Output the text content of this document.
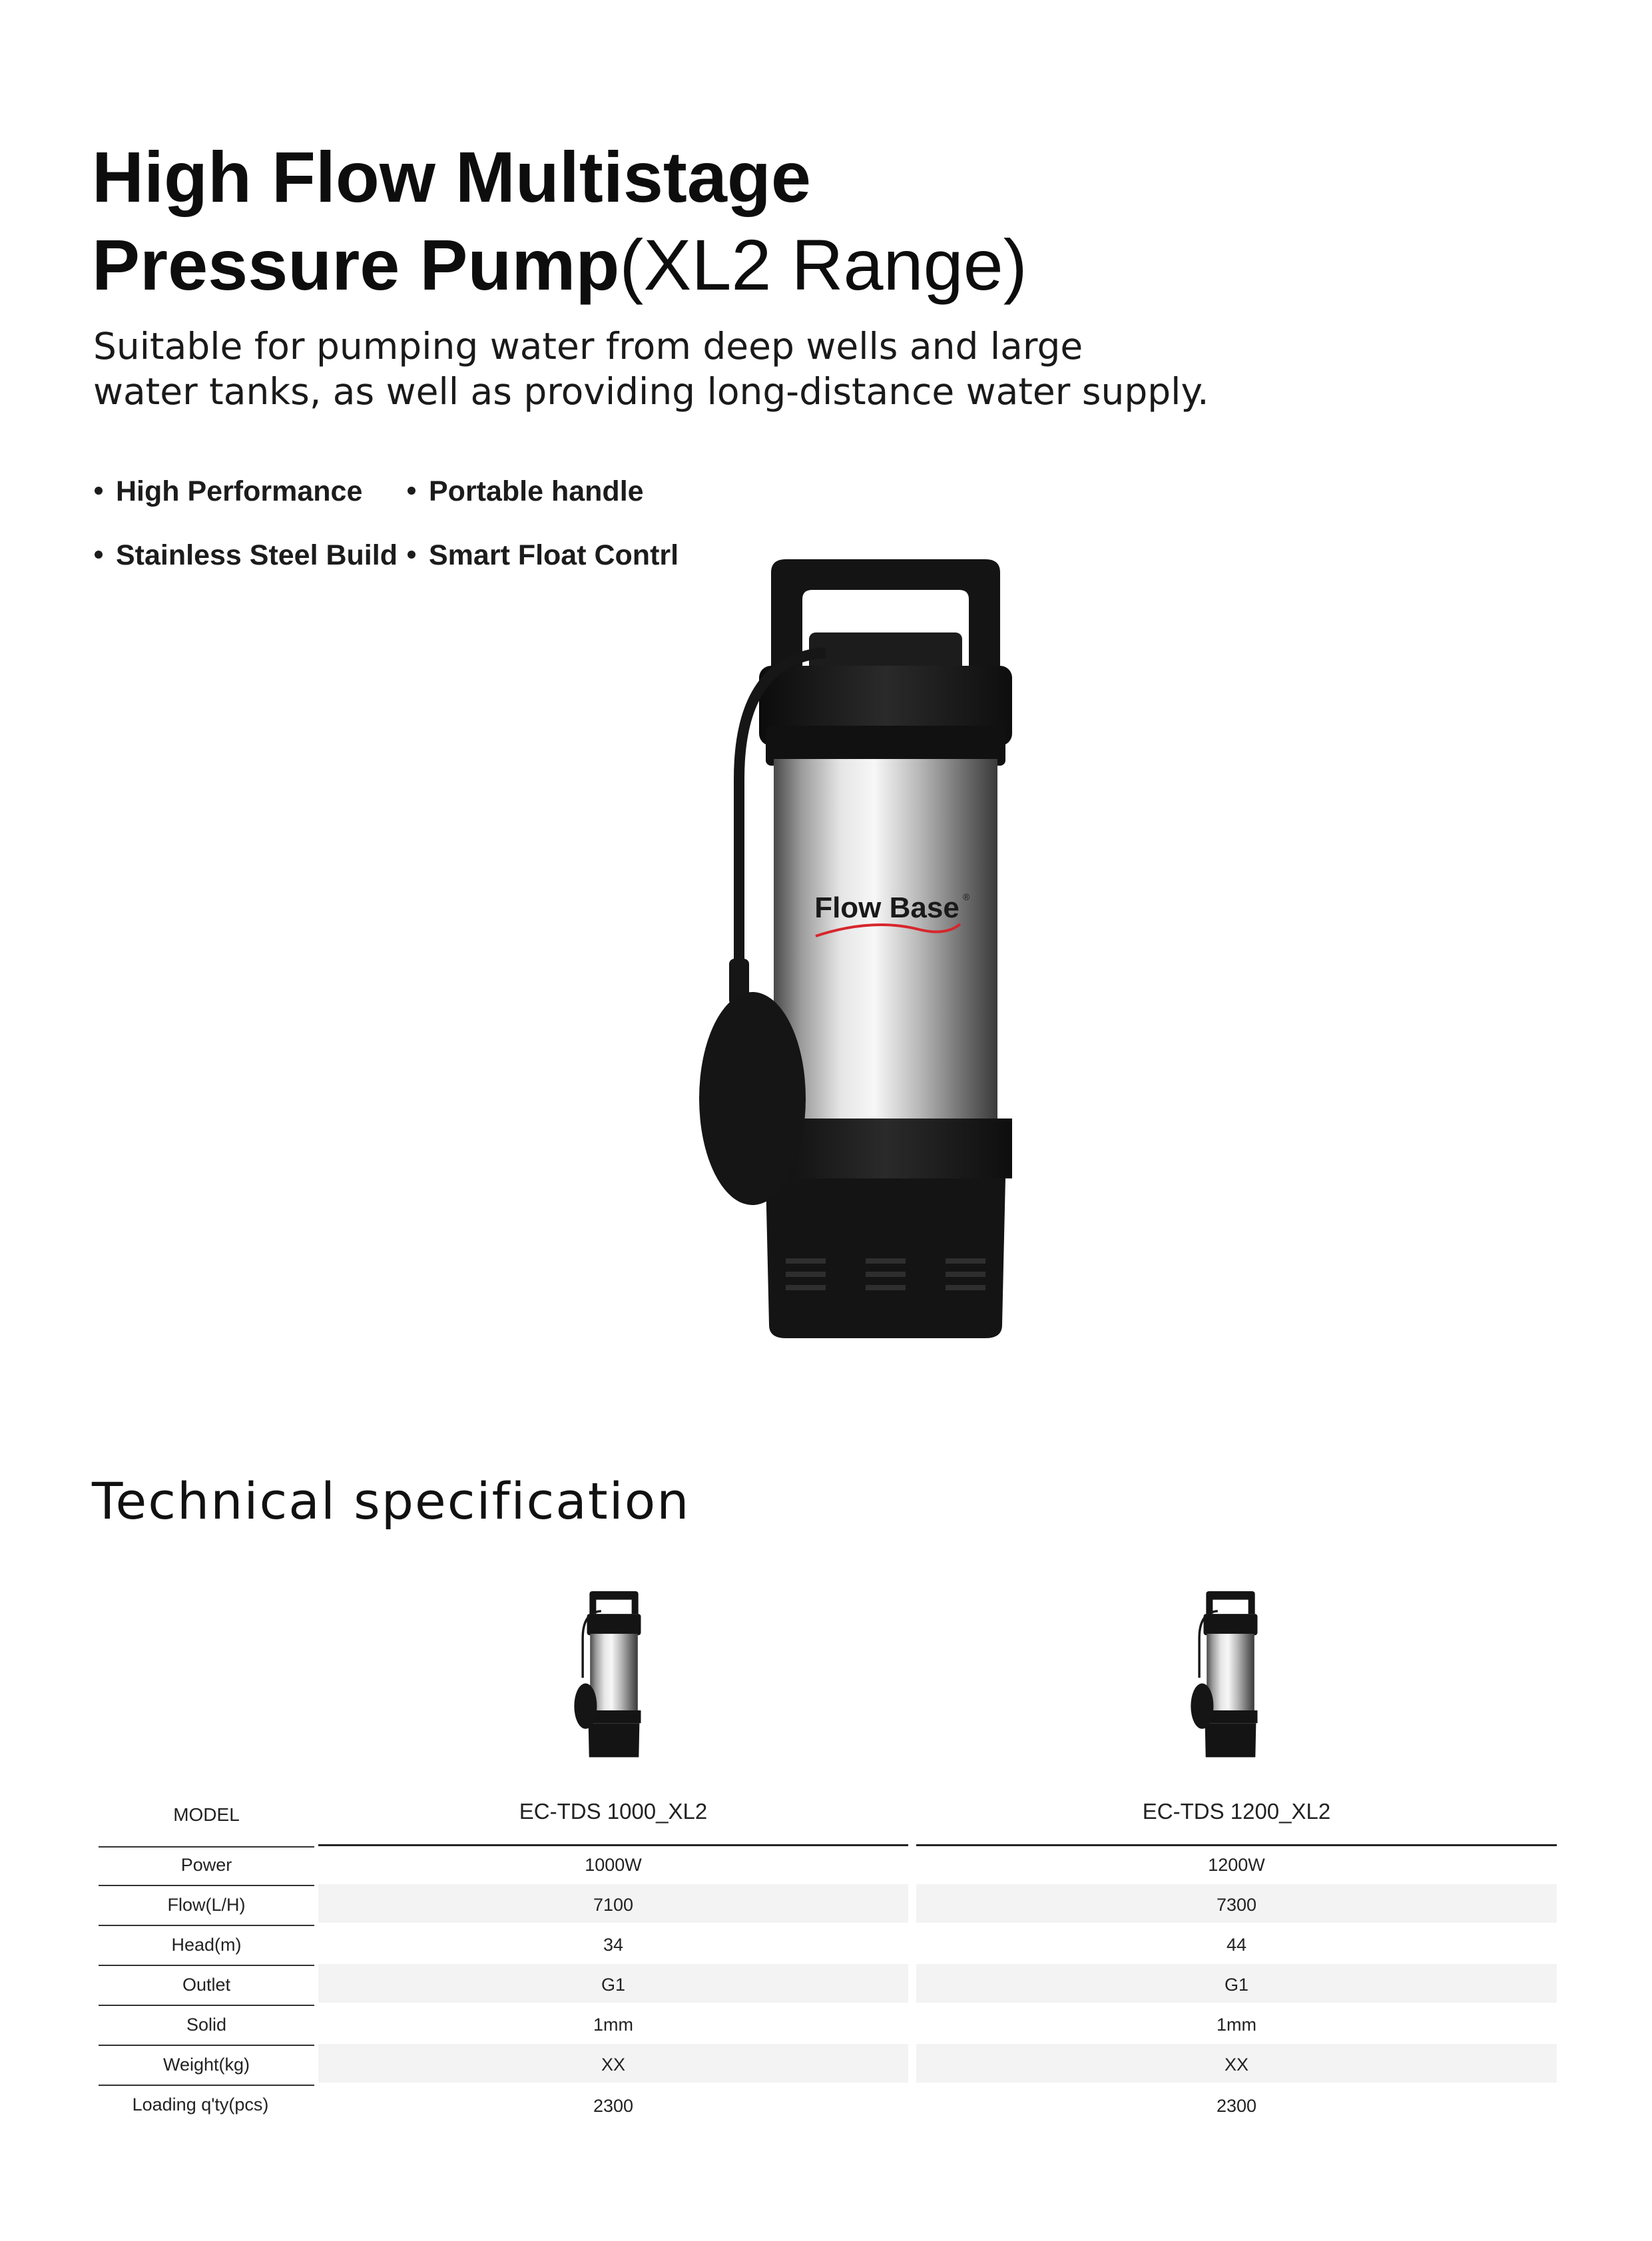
High Flow Multistage
Pressure Pump(XL2 Range)
Suitable for pumping water from deep wells and large
water tanks, as well as providing long-distance water supply.
High Performance	Portable handle
Stainless Steel Build	Smart Float Contrl
Flow Base ®
Technical specification
MODEL	EC-TDS 1000_XL2	EC-TDS 1200_XL2
Power	1000W	1200W
Flow(L/H)	7100	7300
Head(m)	34	44
Outlet	G1	G1
Solid	1mm	1mm
Weight(kg)	XX	XX
Loading q'ty(pcs)	2300	2300
